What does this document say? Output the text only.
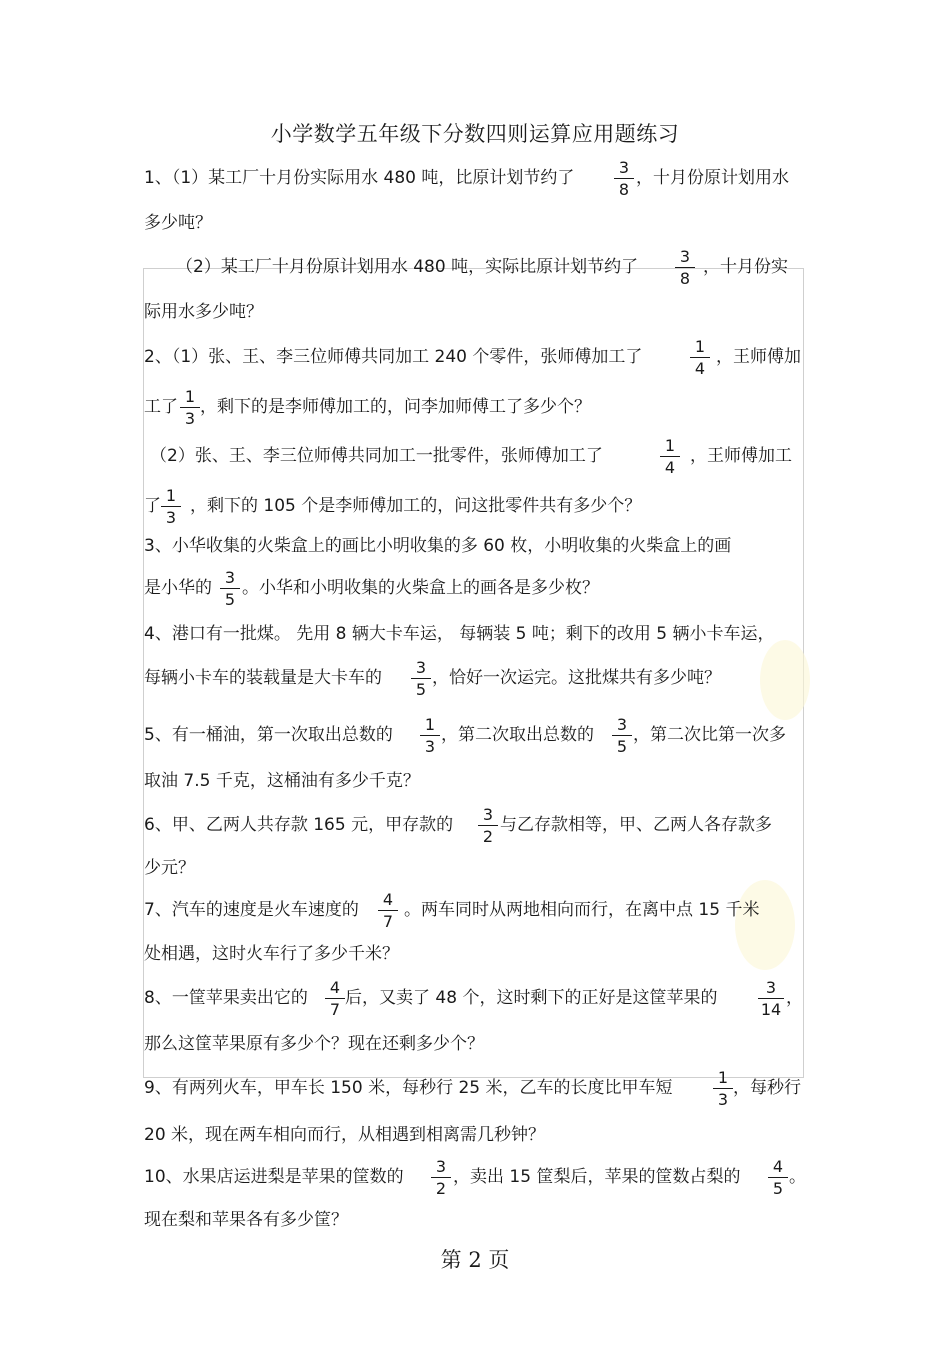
小学数学五年级下分数四则运算应用题练习
1、（1）某工厂十月份实际用水 480 吨，比原计划节约了 $\frac{3}{8}$ ，十月份原计划用水
多少吨？
（2）某工厂十月份原计划用水 480 吨，实际比原计划节约了 $\frac{3}{8}$ ，十月份实
际用水多少吨？
2、（1）张、王、李三位师傅共同加工 240 个零件，张师傅加工了	$\frac{1}{4}$ ，王师傅加
工了 $\frac{1}{3}$ ，剩下的是李师傅加工的，问李加师傅工了多少个？
（2）张、王、李三位师傅共同加工一批零件，张师傅加工了	$\frac{1}{4}$ ，王师傅加工
了 $\frac{1}{3}$ ，剩下的 105 个是李师傅加工的，问这批零件共有多少个？
3、小华收集的火柴盒上的画比小明收集的多 60 枚，小明收集的火柴盒上的画
是小华的 $\frac{3}{5}$ 。小华和小明收集的火柴盒上的画各是多少枚？
4、港口有一批煤。 先用 8 辆大卡车运， 每辆装 5 吨；剩下的改用 5 辆小卡车运，
每辆小卡车的装载量是大卡车的 $\frac{3}{5}$ ，恰好一次运完。这批煤共有多少吨？
5、有一桶油，第一次取出总数的 $\frac{1}{3}$ ，第二次取出总数的 $\frac{3}{5}$ ，第二次比第一次多
取油 7.5 千克，这桶油有多少千克？
6、甲、乙两人共存款 165 元，甲存款的 $\frac{3}{2}$ 与乙存款相等，甲、乙两人各存款多
少元？
7、汽车的速度是火车速度的 $\frac{4}{7}$ 。两车同时从两地相向而行，在离中点 15 千米
处相遇，这时火车行了多少千米？
8、一筐苹果卖出它的 $\frac{4}{7}$ 后，又卖了 48 个，这时剩下的正好是这筐苹果的	$\frac{3}{14}$ ，
那么这筐苹果原有多少个？现在还剩多少个？
9、有两列火车，甲车长 150 米，每秒行 25 米，乙车的长度比甲车短	$\frac{1}{3}$ ，每秒行
20 米，现在两车相向而行，从相遇到相离需几秒钟？
10、水果店运进梨是苹果的筐数的 $\frac{3}{2}$ ，卖出 15 筐梨后，苹果的筐数占梨的 $\frac{4}{5}$ 。
现在梨和苹果各有多少筐？
第 2 页
